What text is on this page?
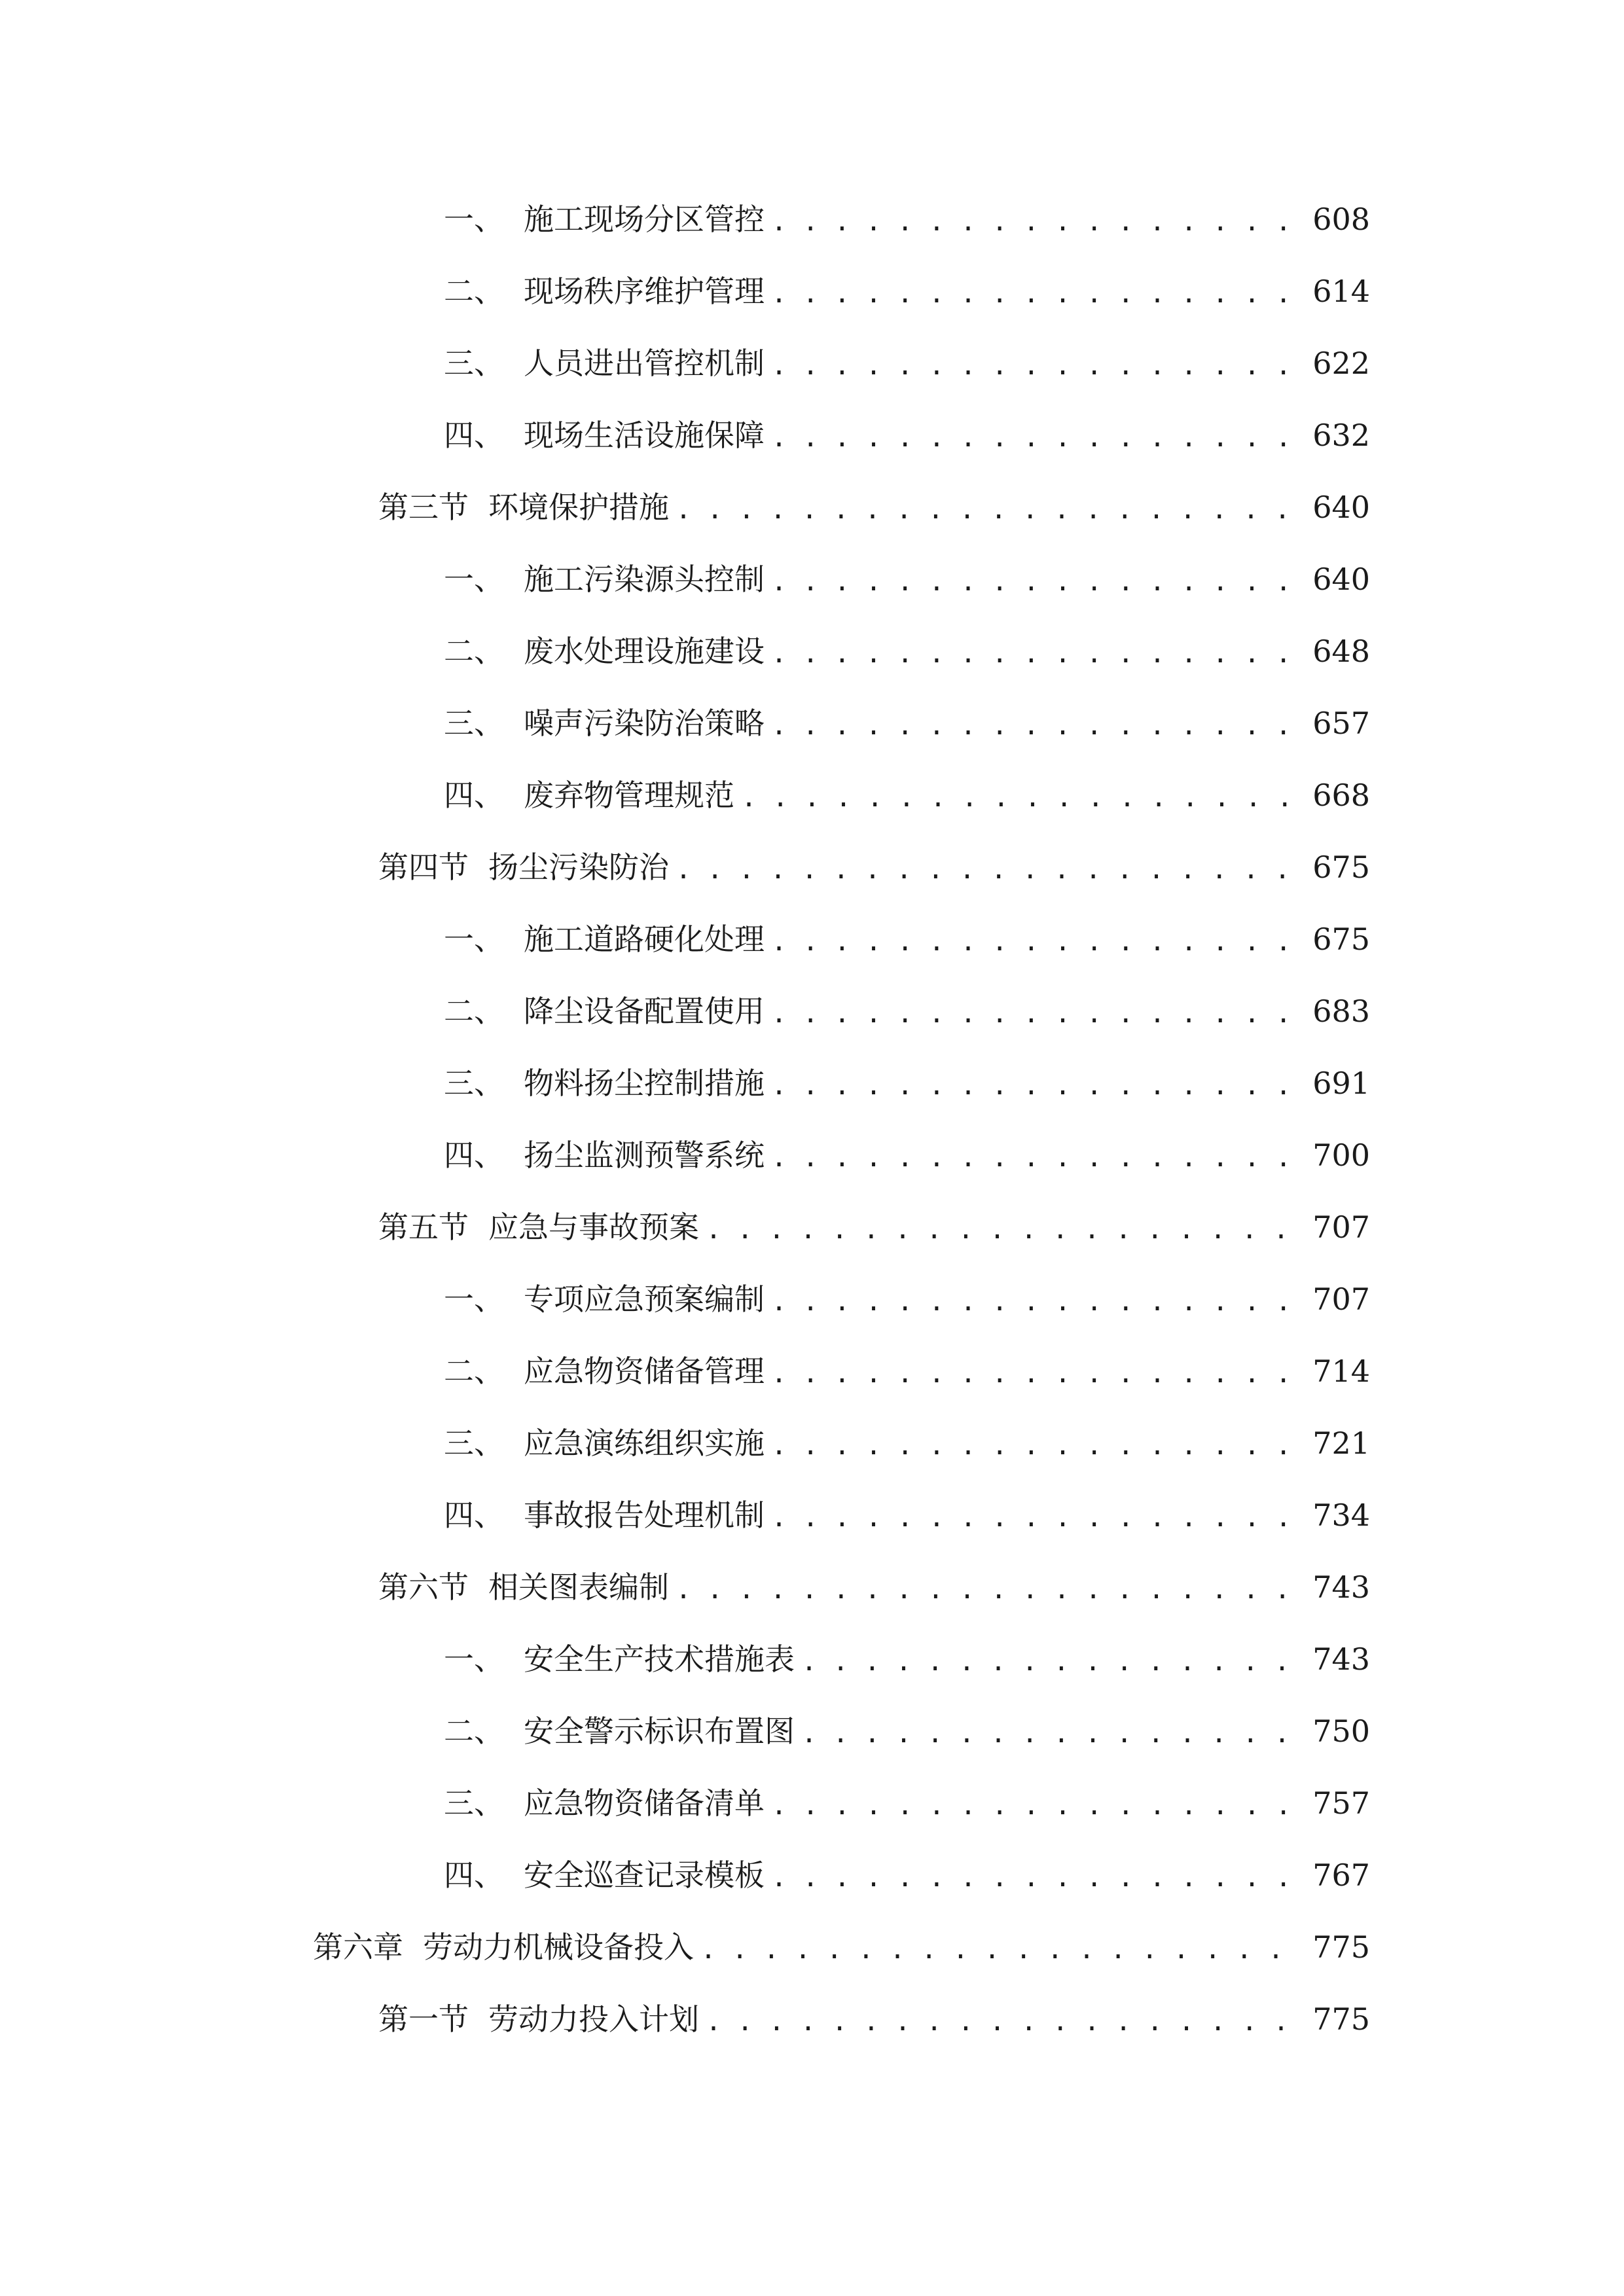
一、 施工现场分区管控 . . .	608
二、 现场秩序维护管理 . . .	614
三、 人员进出管控机制 . . .	622
四、 现场生活设施保障 . . .	632
第三节 环境保护措施 . . .	640
一、 施工污染源头控制 . . .	640
二、 废水处理设施建设 . . .	648
三、 噪声污染防治策略 . . .	657
四、 废弃物管理规范 . . .	668
第四节 扬尘污染防治 . . .	675
一、 施工道路硬化处理 . . .	675
二、 降尘设备配置使用 . . .	683
三、 物料扬尘控制措施 . . .	691
四、 扬尘监测预警系统 . . .	700
第五节 应急与事故预案 . . .	707
一、 专项应急预案编制 . . .	707
二、 应急物资储备管理 . . .	714
三、 应急演练组织实施 . . .	721
四、 事故报告处理机制 . . .	734
第六节 相关图表编制 . . .	743
一、 安全生产技术措施表 . . .	743
二、 安全警示标识布置图 . . .	750
三、 应急物资储备清单 . . .	757
四、 安全巡查记录模板 . . .	767
第六章 劳动力机械设备投入 . . .	775
第一节 劳动力投入计划 . . .	775
